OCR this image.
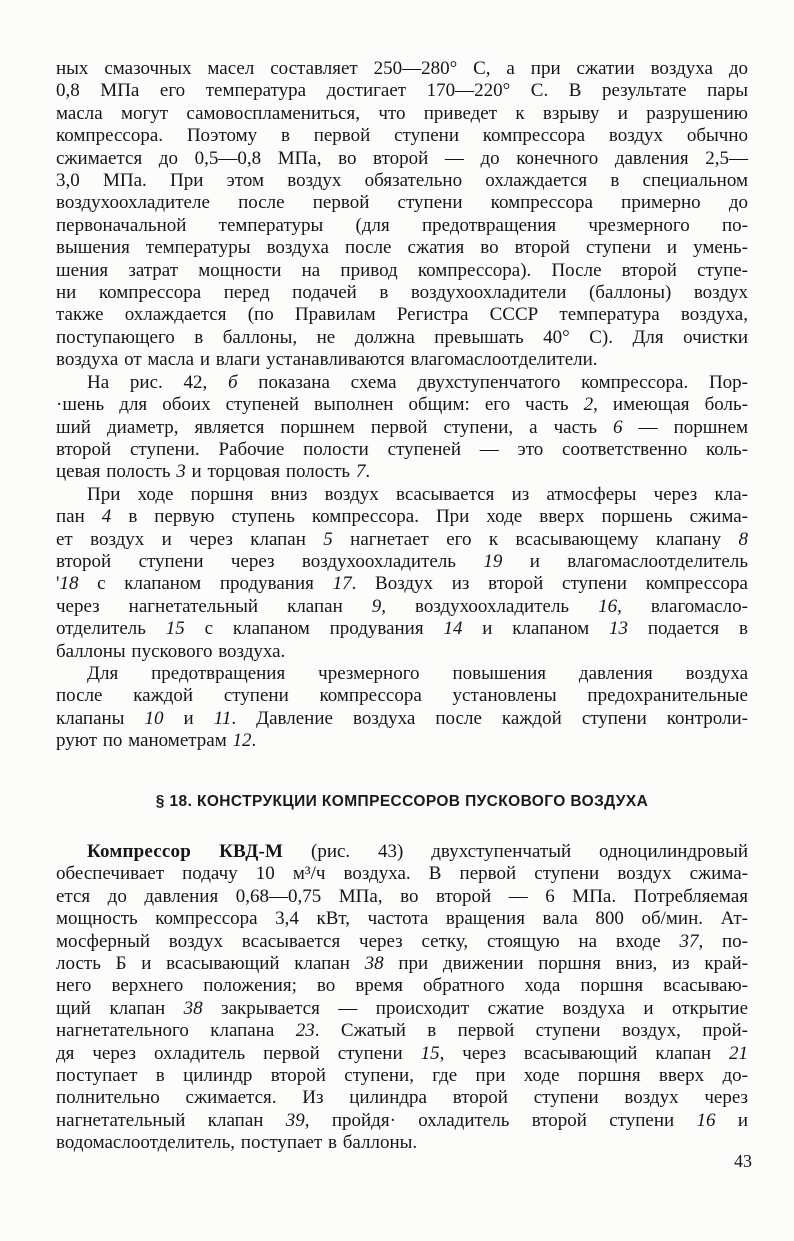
ных смазочных масел составляет 250—280° С, а при сжатии воздуха до
0,8 МПа его температура достигает 170—220° С. В результате пары
масла могут самовоспламениться, что приведет к взрыву и разрушению
компрессора. Поэтому в первой ступени компрессора воздух обычно
сжимается до 0,5—0,8 МПа, во второй — до конечного давления 2,5—
3,0 МПа. При этом воздух обязательно охлаждается в специальном
воздухоохладителе после первой ступени компрессора примерно до
первоначальной температуры (для предотвращения чрезмерного по-
вышения температуры воздуха после сжатия во второй ступени и умень-
шения затрат мощности на привод компрессора). После второй ступе-
ни компрессора перед подачей в воздухоохладители (баллоны) воздух
также охлаждается (по Правилам Регистра СССР температура воздуха,
поступающего в баллоны, не должна превышать 40° С). Для очистки
воздуха от масла и влаги устанавливаются влагомаслоотделители.
На рис. 42, б показана схема двухступенчатого компрессора. Пор-
·шень для обоих ступеней выполнен общим: его часть 2, имеющая боль-
ший диаметр, является поршнем первой ступени, а часть 6 — поршнем
второй ступени. Рабочие полости ступеней — это соответственно коль-
цевая полость 3 и торцовая полость 7.
При ходе поршня вниз воздух всасывается из атмосферы через кла-
пан 4 в первую ступень компрессора. При ходе вверх поршень сжима-
ет воздух и через клапан 5 нагнетает его к всасывающему клапану 8
второй ступени через воздухоохладитель 19 и влагомаслоотделитель
'18 с клапаном продувания 17. Воздух из второй ступени компрессора
через нагнетательный клапан 9, воздухоохладитель 16, влагомасло-
отделитель 15 с клапаном продувания 14 и клапаном 13 подается в
баллоны пускового воздуха.
Для предотвращения чрезмерного повышения давления воздуха
после каждой ступени компрессора установлены предохранительные
клапаны 10 и 11. Давление воздуха после каждой ступени контроли-
руют по манометрам 12.
§ 18. КОНСТРУКЦИИ КОМПРЕССОРОВ ПУСКОВОГО ВОЗДУХА
Компрессор КВД-М (рис. 43) двухступенчатый одноцилиндровый
обеспечивает подачу 10 м³/ч воздуха. В первой ступени воздух сжима-
ется до давления 0,68—0,75 МПа, во второй — 6 МПа. Потребляемая
мощность компрессора 3,4 кВт, частота вращения вала 800 об/мин. Ат-
мосферный воздух всасывается через сетку, стоящую на входе 37, по-
лость Б и всасывающий клапан 38 при движении поршня вниз, из край-
него верхнего положения; во время обратного хода поршня всасываю-
щий клапан 38 закрывается — происходит сжатие воздуха и открытие
нагнетательного клапана 23. Сжатый в первой ступени воздух, прой-
дя через охладитель первой ступени 15, через всасывающий клапан 21
поступает в цилиндр второй ступени, где при ходе поршня вверх до-
полнительно сжимается. Из цилиндра второй ступени воздух через
нагнетательный клапан 39, пройдя· охладитель второй ступени 16 и
водомаслоотделитель, поступает в баллоны.
43
